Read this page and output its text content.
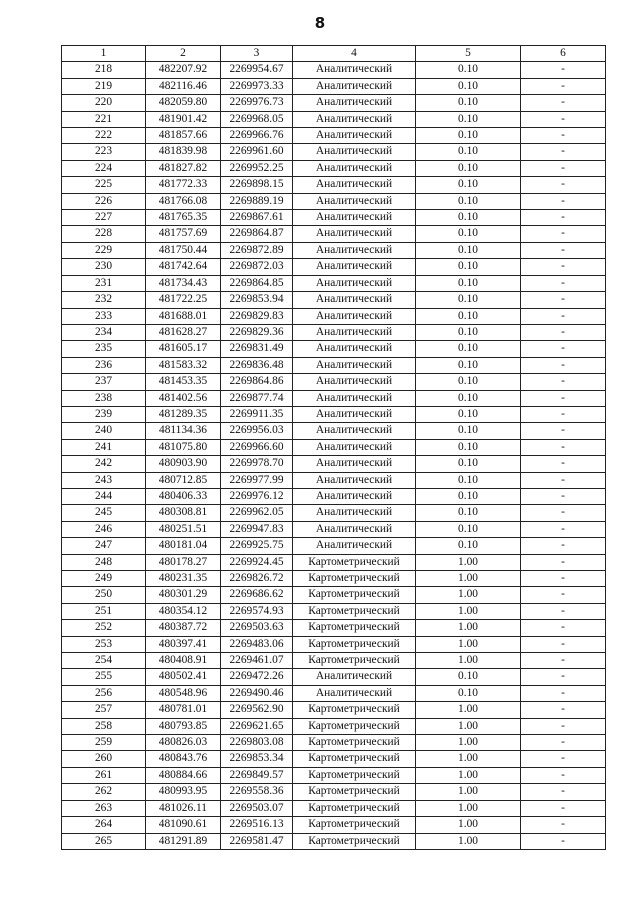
8
1	2	3	4	5	6
218	482207.92	2269954.67	Аналитический	0.10	-
219	482116.46	2269973.33	Аналитический	0.10	-
220	482059.80	2269976.73	Аналитический	0.10	-
221	481901.42	2269968.05	Аналитический	0.10	-
222	481857.66	2269966.76	Аналитический	0.10	-
223	481839.98	2269961.60	Аналитический	0.10	-
224	481827.82	2269952.25	Аналитический	0.10	-
225	481772.33	2269898.15	Аналитический	0.10	-
226	481766.08	2269889.19	Аналитический	0.10	-
227	481765.35	2269867.61	Аналитический	0.10	-
228	481757.69	2269864.87	Аналитический	0.10	-
229	481750.44	2269872.89	Аналитический	0.10	-
230	481742.64	2269872.03	Аналитический	0.10	-
231	481734.43	2269864.85	Аналитический	0.10	-
232	481722.25	2269853.94	Аналитический	0.10	-
233	481688.01	2269829.83	Аналитический	0.10	-
234	481628.27	2269829.36	Аналитический	0.10	-
235	481605.17	2269831.49	Аналитический	0.10	-
236	481583.32	2269836.48	Аналитический	0.10	-
237	481453.35	2269864.86	Аналитический	0.10	-
238	481402.56	2269877.74	Аналитический	0.10	-
239	481289.35	2269911.35	Аналитический	0.10	-
240	481134.36	2269956.03	Аналитический	0.10	-
241	481075.80	2269966.60	Аналитический	0.10	-
242	480903.90	2269978.70	Аналитический	0.10	-
243	480712.85	2269977.99	Аналитический	0.10	-
244	480406.33	2269976.12	Аналитический	0.10	-
245	480308.81	2269962.05	Аналитический	0.10	-
246	480251.51	2269947.83	Аналитический	0.10	-
247	480181.04	2269925.75	Аналитический	0.10	-
248	480178.27	2269924.45	Картометрический	1.00	-
249	480231.35	2269826.72	Картометрический	1.00	-
250	480301.29	2269686.62	Картометрический	1.00	-
251	480354.12	2269574.93	Картометрический	1.00	-
252	480387.72	2269503.63	Картометрический	1.00	-
253	480397.41	2269483.06	Картометрический	1.00	-
254	480408.91	2269461.07	Картометрический	1.00	-
255	480502.41	2269472.26	Аналитический	0.10	-
256	480548.96	2269490.46	Аналитический	0.10	-
257	480781.01	2269562.90	Картометрический	1.00	-
258	480793.85	2269621.65	Картометрический	1.00	-
259	480826.03	2269803.08	Картометрический	1.00	-
260	480843.76	2269853.34	Картометрический	1.00	-
261	480884.66	2269849.57	Картометрический	1.00	-
262	480993.95	2269558.36	Картометрический	1.00	-
263	481026.11	2269503.07	Картометрический	1.00	-
264	481090.61	2269516.13	Картометрический	1.00	-
265	481291.89	2269581.47	Картометрический	1.00	-
